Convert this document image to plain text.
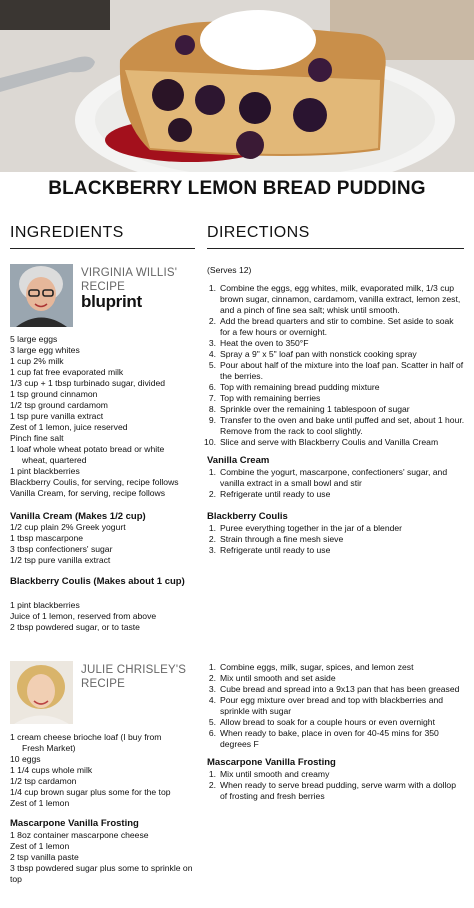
BLACKBERRY LEMON BREAD PUDDING
INGREDIENTS	DIRECTIONS
VIRGINIA WILLIS' RECIPE
bluprint
5 large eggs
3 large egg whites
1 cup 2% milk
1 cup fat free evaporated milk
1/3 cup + 1 tbsp turbinado sugar, divided
1 tsp ground cinnamon
1/2 tsp ground cardamom
1 tsp pure vanilla extract
Zest of 1 lemon, juice reserved
Pinch fine salt
1 loaf whole wheat potato bread or white
wheat, quartered
1 pint blackberries
Blackberry Coulis, for serving, recipe follows
Vanilla Cream, for serving, recipe follows
Vanilla Cream (Makes 1/2 cup)
1/2 cup plain 2% Greek yogurt
1 tbsp mascarpone
3 tbsp confectioners' sugar
1/2 tsp pure vanilla extract
Blackberry Coulis (Makes about 1 cup)
1 pint blackberries
Juice of 1 lemon, reserved from above
2 tbsp powdered sugar, or to taste
(Serves 12)
1. Combine the eggs, egg whites, milk, evaporated milk, 1/3 cup brown sugar, cinnamon, cardamom, vanilla extract, lemon zest, and a pinch of fine sea salt; whisk until smooth.
2. Add the bread quarters and stir to combine. Set aside to soak for a few hours or overnight.
3. Heat the oven to 350°F
4. Spray a 9" x 5" loaf pan with nonstick cooking spray
5. Pour about half of the mixture into the loaf pan. Scatter in half of the berries.
6. Top with remaining bread pudding mixture
7. Top with remaining berries
8. Sprinkle over the remaining 1 tablespoon of sugar
9. Transfer to the oven and bake until puffed and set, about 1 hour. Remove from the rack to cool slightly.
10. Slice and serve with Blackberry Coulis and Vanilla Cream
Vanilla Cream
1. Combine the yogurt, mascarpone, confectioners' sugar, and vanilla extract in a small bowl and stir
2. Refrigerate until ready to use
Blackberry Coulis
1. Puree everything together in the jar of a blender
2. Strain through a fine mesh sieve
3. Refrigerate until ready to use
JULIE CHRISLEY'S RECIPE
1 cream cheese brioche loaf (I buy from
Fresh Market)
10 eggs
1 1/4 cups whole milk
1/2 tsp cardamon
1/4 cup brown sugar plus some for the top
Zest of 1 lemon
Mascarpone Vanilla Frosting
1 8oz container mascarpone cheese
Zest of 1 lemon
2 tsp vanilla paste
3 tbsp powdered sugar plus some to sprinkle on top
1. Combine eggs, milk, sugar, spices, and lemon zest
2. Mix until smooth and set aside
3. Cube bread and spread into a 9x13 pan that has been greased
4. Pour egg mixture over bread and top with blackberries and sprinkle with sugar
5. Allow bread to soak for a couple hours or even overnight
6. When ready to bake, place in oven for 40-45 mins for 350 degrees F
Mascarpone Vanilla Frosting
1. Mix until smooth and creamy
2. When ready to serve bread pudding, serve warm with a dollop of frosting and fresh berries
